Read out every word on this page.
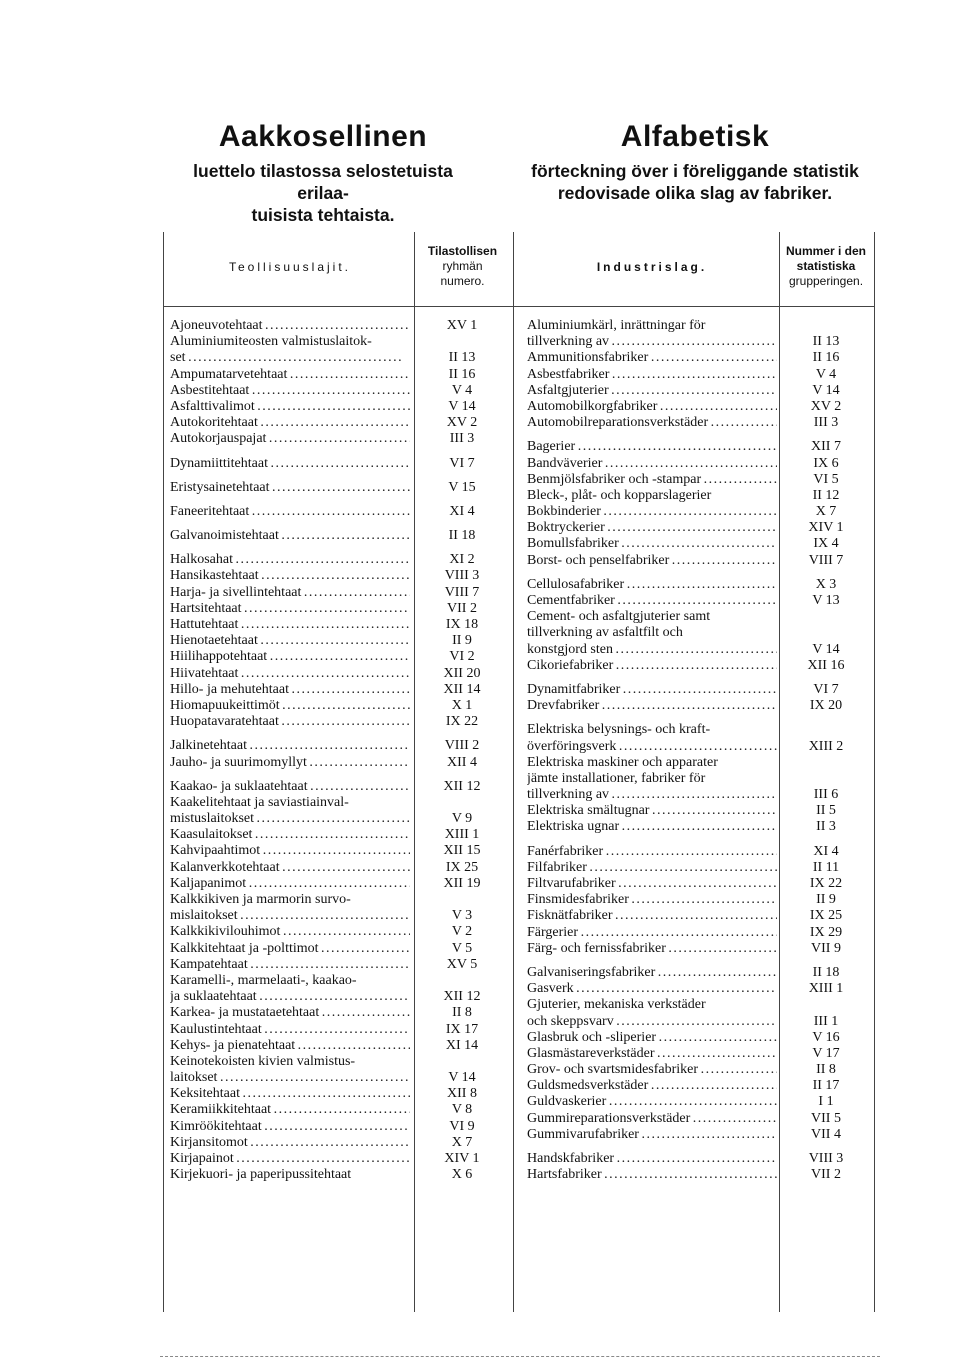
Aakkosellinen
luettelo tilastossa selostetuista erilaa-
tuisista tehtaista.
Alfabetisk
förteckning över i föreliggande statistik
redovisade olika slag av fabriker.
Teollisuuslajit.
Tilastollisen
ryhmän
numero.
Industrislag.
Nummer i den
statistiska
grupperingen.
Ajoneuvotehtaat . . .
Aluminiumiteosten valmistuslaitok-
set . . .
Ampumatarvetehtaat . . .
Asbestitehtaat . . .
Asfalttivalimot . . .
Autokoritehtaat . . .
Autokorjauspajat . . .
Dynamiittitehtaat . . .
Eristysainetehtaat . . .
Faneeritehtaat . . .
Galvanoimistehtaat . . .
Halkosahat . . .
Hansikastehtaat . . .
Harja- ja sivellintehtaat . . .
Hartsitehtaat . . .
Hattutehtaat . . .
Hienotaetehtaat . . .
Hiilihappotehtaat . . .
Hiivatehtaat . . .
Hillo- ja mehutehtaat . . .
Hiomapuukeittimöt . . .
Huopatavaratehtaat . . .
Jalkinetehtaat . . .
Jauho- ja suurimomyllyt . . .
Kaakao- ja suklaatehtaat . . .
Kaakelitehtaat ja saviastiainval-
mistuslaitokset . . .
Kaasulaitokset . . .
Kahvipaahtimot . . .
Kalanverkkotehtaat . . .
Kaljapanimot . . .
Kalkkikiven ja marmorin survo-
mislaitokset . . .
Kalkkikivilouhimot . . .
Kalkkitehtaat ja -polttimot . . .
Kampatehtaat . . .
Karamelli-, marmelaati-, kaakao-
ja suklaatehtaat . . .
Karkea- ja mustataetehtaat . . .
Kaulustintehtaat . . .
Kehys- ja pienatehtaat . . .
Keinotekoisten kivien valmistus-
laitokset . . .
Keksitehtaat . . .
Keramiikkitehtaat . . .
Kimröökitehtaat . . .
Kirjansitomot . . .
Kirjapainot . . .
Kirjekuori- ja paperipussitehtaat
XV 1
II 13
II 16
V 4
V 14
XV 2
III 3
VI 7
V 15
XI 4
II 18
XI 2
VIII 3
VIII 7
VII 2
IX 18
II 9
VI 2
XII 20
XII 14
X 1
IX 22
VIII 2
XII 4
XII 12
V 9
XIII 1
XII 15
IX 25
XII 19
V 3
V 2
V 5
XV 5
XII 12
II 8
IX 17
XI 14
V 14
XII 8
V 8
VI 9
X 7
XIV 1
X 6
Aluminiumkärl, inrättningar för
tillverkning av . . .
Ammunitionsfabriker . . .
Asbestfabriker . . .
Asfaltgjuterier . . .
Automobilkorgfabriker . . .
Automobilreparationsverkstäder . . .
Bagerier . . .
Bandväverier . . .
Benmjölsfabriker och -stampar . . .
Bleck-, plåt- och kopparslagerier
Bokbinderier . . .
Boktryckerier . . .
Bomullsfabriker . . .
Borst- och penselfabriker . . .
Cellulosafabriker . . .
Cementfabriker . . .
Cement- och asfaltgjuterier samt
tillverkning av asfaltfilt och
konstgjord sten . . .
Cikoriefabriker . . .
Dynamitfabriker . . .
Drevfabriker . . .
Elektriska belysnings- och kraft-
överföringsverk . . .
Elektriska maskiner och apparater
jämte installationer, fabriker för
tillverkning av . . .
Elektriska smältugnar . . .
Elektriska ugnar . . .
Fanérfabriker . . .
Filfabriker . . .
Filtvarufabriker . . .
Finsmidesfabriker . . .
Fisknätfabriker . . .
Färgerier . . .
Färg- och fernissfabriker . . .
Galvaniseringsfabriker . . .
Gasverk . . .
Gjuterier, mekaniska verkstäder
och skeppsvarv . . .
Glasbruk och -sliperier . . .
Glasmästareverkstäder . . .
Grov- och svartsmidesfabriker . . .
Guldsmedsverkstäder . . .
Guldvaskerier . . .
Gummireparationsverkstäder . . .
Gummivarufabriker . . .
Handskfabriker . . .
Hartsfabriker . . .
II 13
II 16
V 4
V 14
XV 2
III 3
XII 7
IX 6
VI 5
II 12
X 7
XIV 1
IX 4
VIII 7
X 3
V 13
V 14
XII 16
VI 7
IX 20
XIII 2
III 6
II 5
II 3
XI 4
II 11
IX 22
II 9
IX 25
IX 29
VII 9
II 18
XIII 1
III 1
V 16
V 17
II 8
II 17
I 1
VII 5
VII 4
VIII 3
VII 2
